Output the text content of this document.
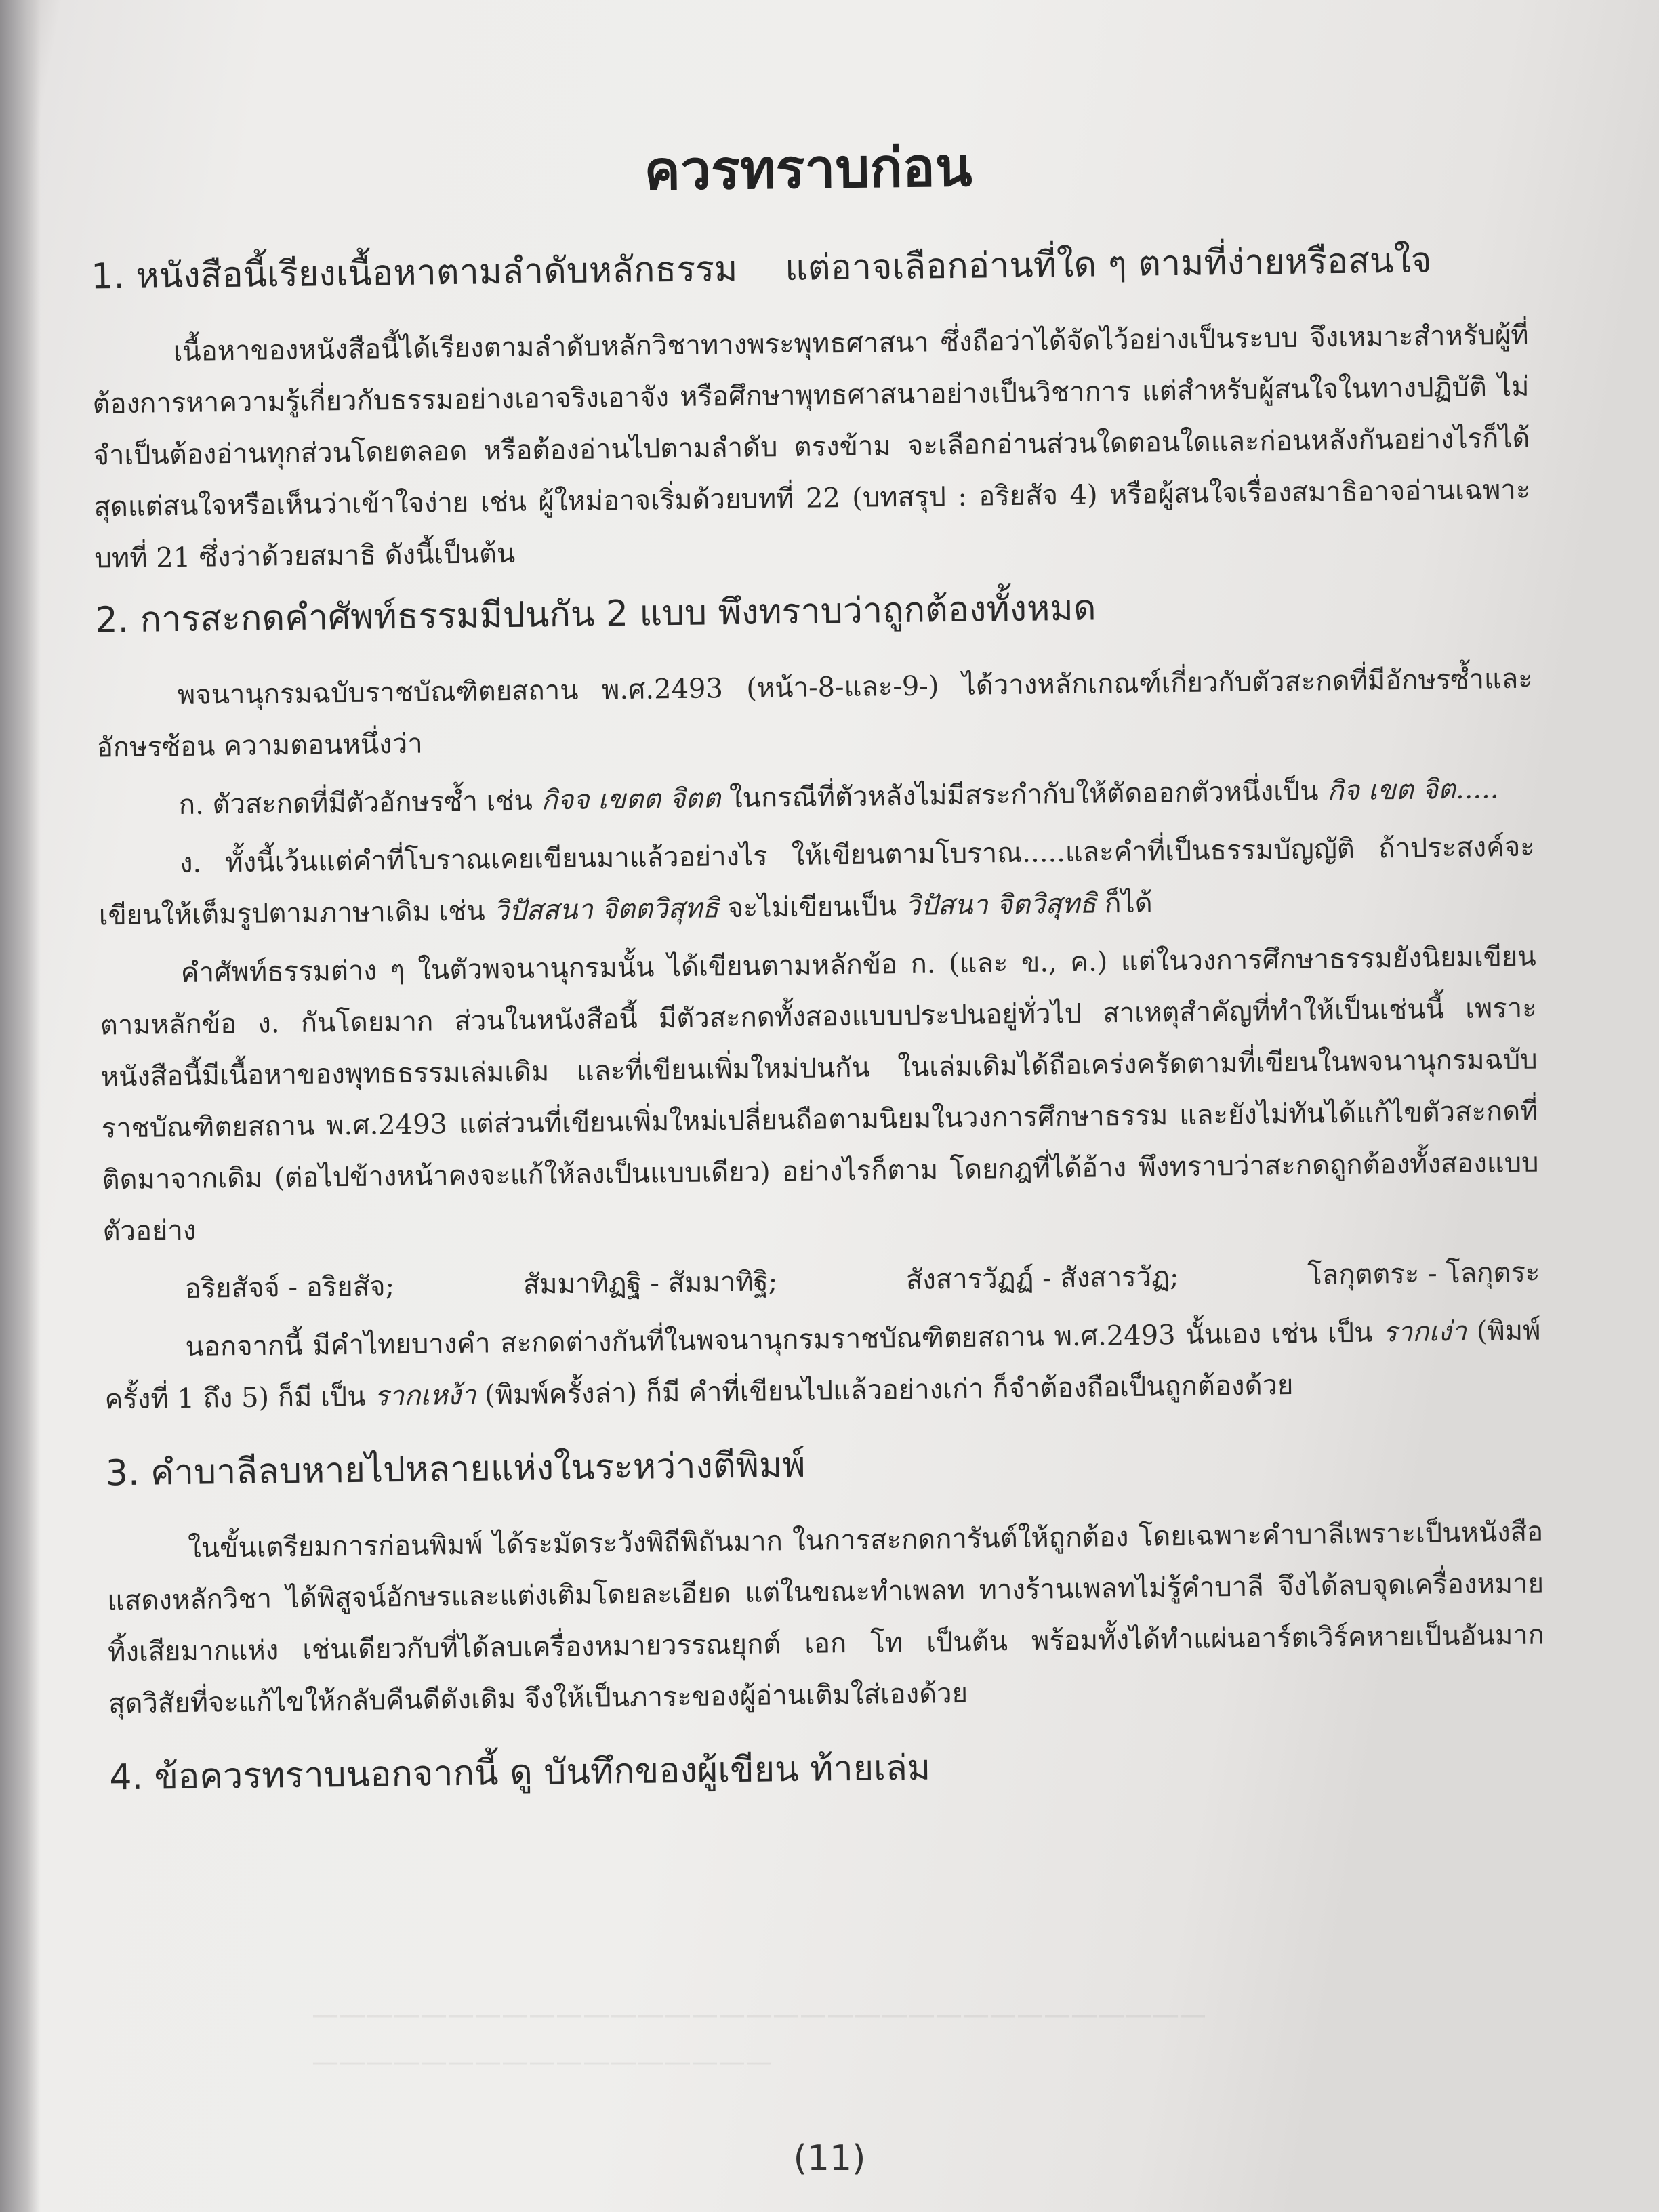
—————————————————————————————————
—————————————————
ควรทราบก่อน
1. หนังสือนี้เรียงเนื้อหาตามลำดับหลักธรรม แต่อาจเลือกอ่านที่ใด ๆ ตามที่ง่ายหรือสนใจ

เนื้อหาของหนังสือนี้ได้เรียงตามลำดับหลักวิชาทางพระพุทธศาสนา ซึ่งถือว่าได้จัดไว้อย่างเป็นระบบ จึงเหมาะสำหรับผู้ที่ต้องการหาความรู้เกี่ยวกับธรรมอย่างเอาจริงเอาจัง หรือศึกษาพุทธศาสนาอย่างเป็นวิชาการ แต่สำหรับผู้สนใจในทางปฏิบัติ ไม่จำเป็นต้องอ่านทุกส่วนโดยตลอด หรือต้องอ่านไปตามลำดับ ตรงข้าม จะเลือกอ่านส่วนใดตอนใดและก่อนหลังกันอย่างไรก็ได้ สุดแต่สนใจหรือเห็นว่าเข้าใจง่าย เช่น ผู้ใหม่อาจเริ่มด้วยบทที่ 22 (บทสรุป : อริยสัจ 4) หรือผู้สนใจเรื่องสมาธิอาจอ่านเฉพาะบทที่ 21 ซึ่งว่าด้วยสมาธิ ดังนี้เป็นต้น

2. การสะกดคำศัพท์ธรรมมีปนกัน 2 แบบ พึงทราบว่าถูกต้องทั้งหมด

พจนานุกรมฉบับราชบัณฑิตยสถาน พ.ศ.2493 (หน้า-8-และ-9-) ได้วางหลักเกณฑ์เกี่ยวกับตัวสะกดที่มีอักษรซ้ำและอักษรซ้อน ความตอนหนึ่งว่า

ก. ตัวสะกดที่มีตัวอักษรซ้ำ เช่น กิจจ เขตต จิตต ในกรณีที่ตัวหลังไม่มีสระกำกับให้ตัดออกตัวหนึ่งเป็น กิจ เขต จิต.....

ง. ทั้งนี้เว้นแต่คำที่โบราณเคยเขียนมาแล้วอย่างไร ให้เขียนตามโบราณ.....และคำที่เป็นธรรมบัญญัติ ถ้าประสงค์จะเขียนให้เต็มรูปตามภาษาเดิม เช่น วิปัสสนา จิตตวิสุทธิ จะไม่เขียนเป็น วิปัสนา จิตวิสุทธิ ก็ได้

คำศัพท์ธรรมต่าง ๆ ในตัวพจนานุกรมนั้น ได้เขียนตามหลักข้อ ก. (และ ข., ค.) แต่ในวงการศึกษาธรรมยังนิยมเขียนตามหลักข้อ ง. กันโดยมาก ส่วนในหนังสือนี้ มีตัวสะกดทั้งสองแบบประปนอยู่ทั่วไป สาเหตุสำคัญที่ทำให้เป็นเช่นนี้ เพราะหนังสือนี้มีเนื้อหาของพุทธธรรมเล่มเดิม และที่เขียนเพิ่มใหม่ปนกัน ในเล่มเดิมได้ถือเคร่งครัดตามที่เขียนในพจนานุกรมฉบับราชบัณฑิตยสถาน พ.ศ.2493 แต่ส่วนที่เขียนเพิ่มใหม่เปลี่ยนถือตามนิยมในวงการศึกษาธรรม และยังไม่ทันได้แก้ไขตัวสะกดที่ติดมาจากเดิม (ต่อไปข้างหน้าคงจะแก้ให้ลงเป็นแบบเดียว) อย่างไรก็ตาม โดยกฎที่ได้อ้าง พึงทราบว่าสะกดถูกต้องทั้งสองแบบ ตัวอย่าง

อริยสัจจ์ - อริยสัจ;	สัมมาทิฏฐิ - สัมมาทิฐิ;	สังสารวัฏฏ์ - สังสารวัฏ;	โลกุตตระ - โลกุตระ

นอกจากนี้ มีคำไทยบางคำ สะกดต่างกันที่ในพจนานุกรมราชบัณฑิตยสถาน พ.ศ.2493 นั้นเอง เช่น เป็น รากเง่า (พิมพ์ครั้งที่ 1 ถึง 5) ก็มี เป็น รากเหง้า (พิมพ์ครั้งล่า) ก็มี คำที่เขียนไปแล้วอย่างเก่า ก็จำต้องถือเป็นถูกต้องด้วย

3. คำบาลีลบหายไปหลายแห่งในระหว่างตีพิมพ์

ในขั้นเตรียมการก่อนพิมพ์ ได้ระมัดระวังพิถีพิถันมาก ในการสะกดการันต์ให้ถูกต้อง โดยเฉพาะคำบาลีเพราะเป็นหนังสือแสดงหลักวิชา ได้พิสูจน์อักษรและแต่งเติมโดยละเอียด แต่ในขณะทำเพลท ทางร้านเพลทไม่รู้คำบาลี จึงได้ลบจุดเครื่องหมายทิ้งเสียมากแห่ง เช่นเดียวกับที่ได้ลบเครื่องหมายวรรณยุกต์ เอก โท เป็นต้น พร้อมทั้งได้ทำแผ่นอาร์ตเวิร์คหายเป็นอันมาก สุดวิสัยที่จะแก้ไขให้กลับคืนดีดังเดิม จึงให้เป็นภาระของผู้อ่านเติมใส่เองด้วย

4. ข้อควรทราบนอกจากนี้ ดู บันทึกของผู้เขียน ท้ายเล่ม
(11)
